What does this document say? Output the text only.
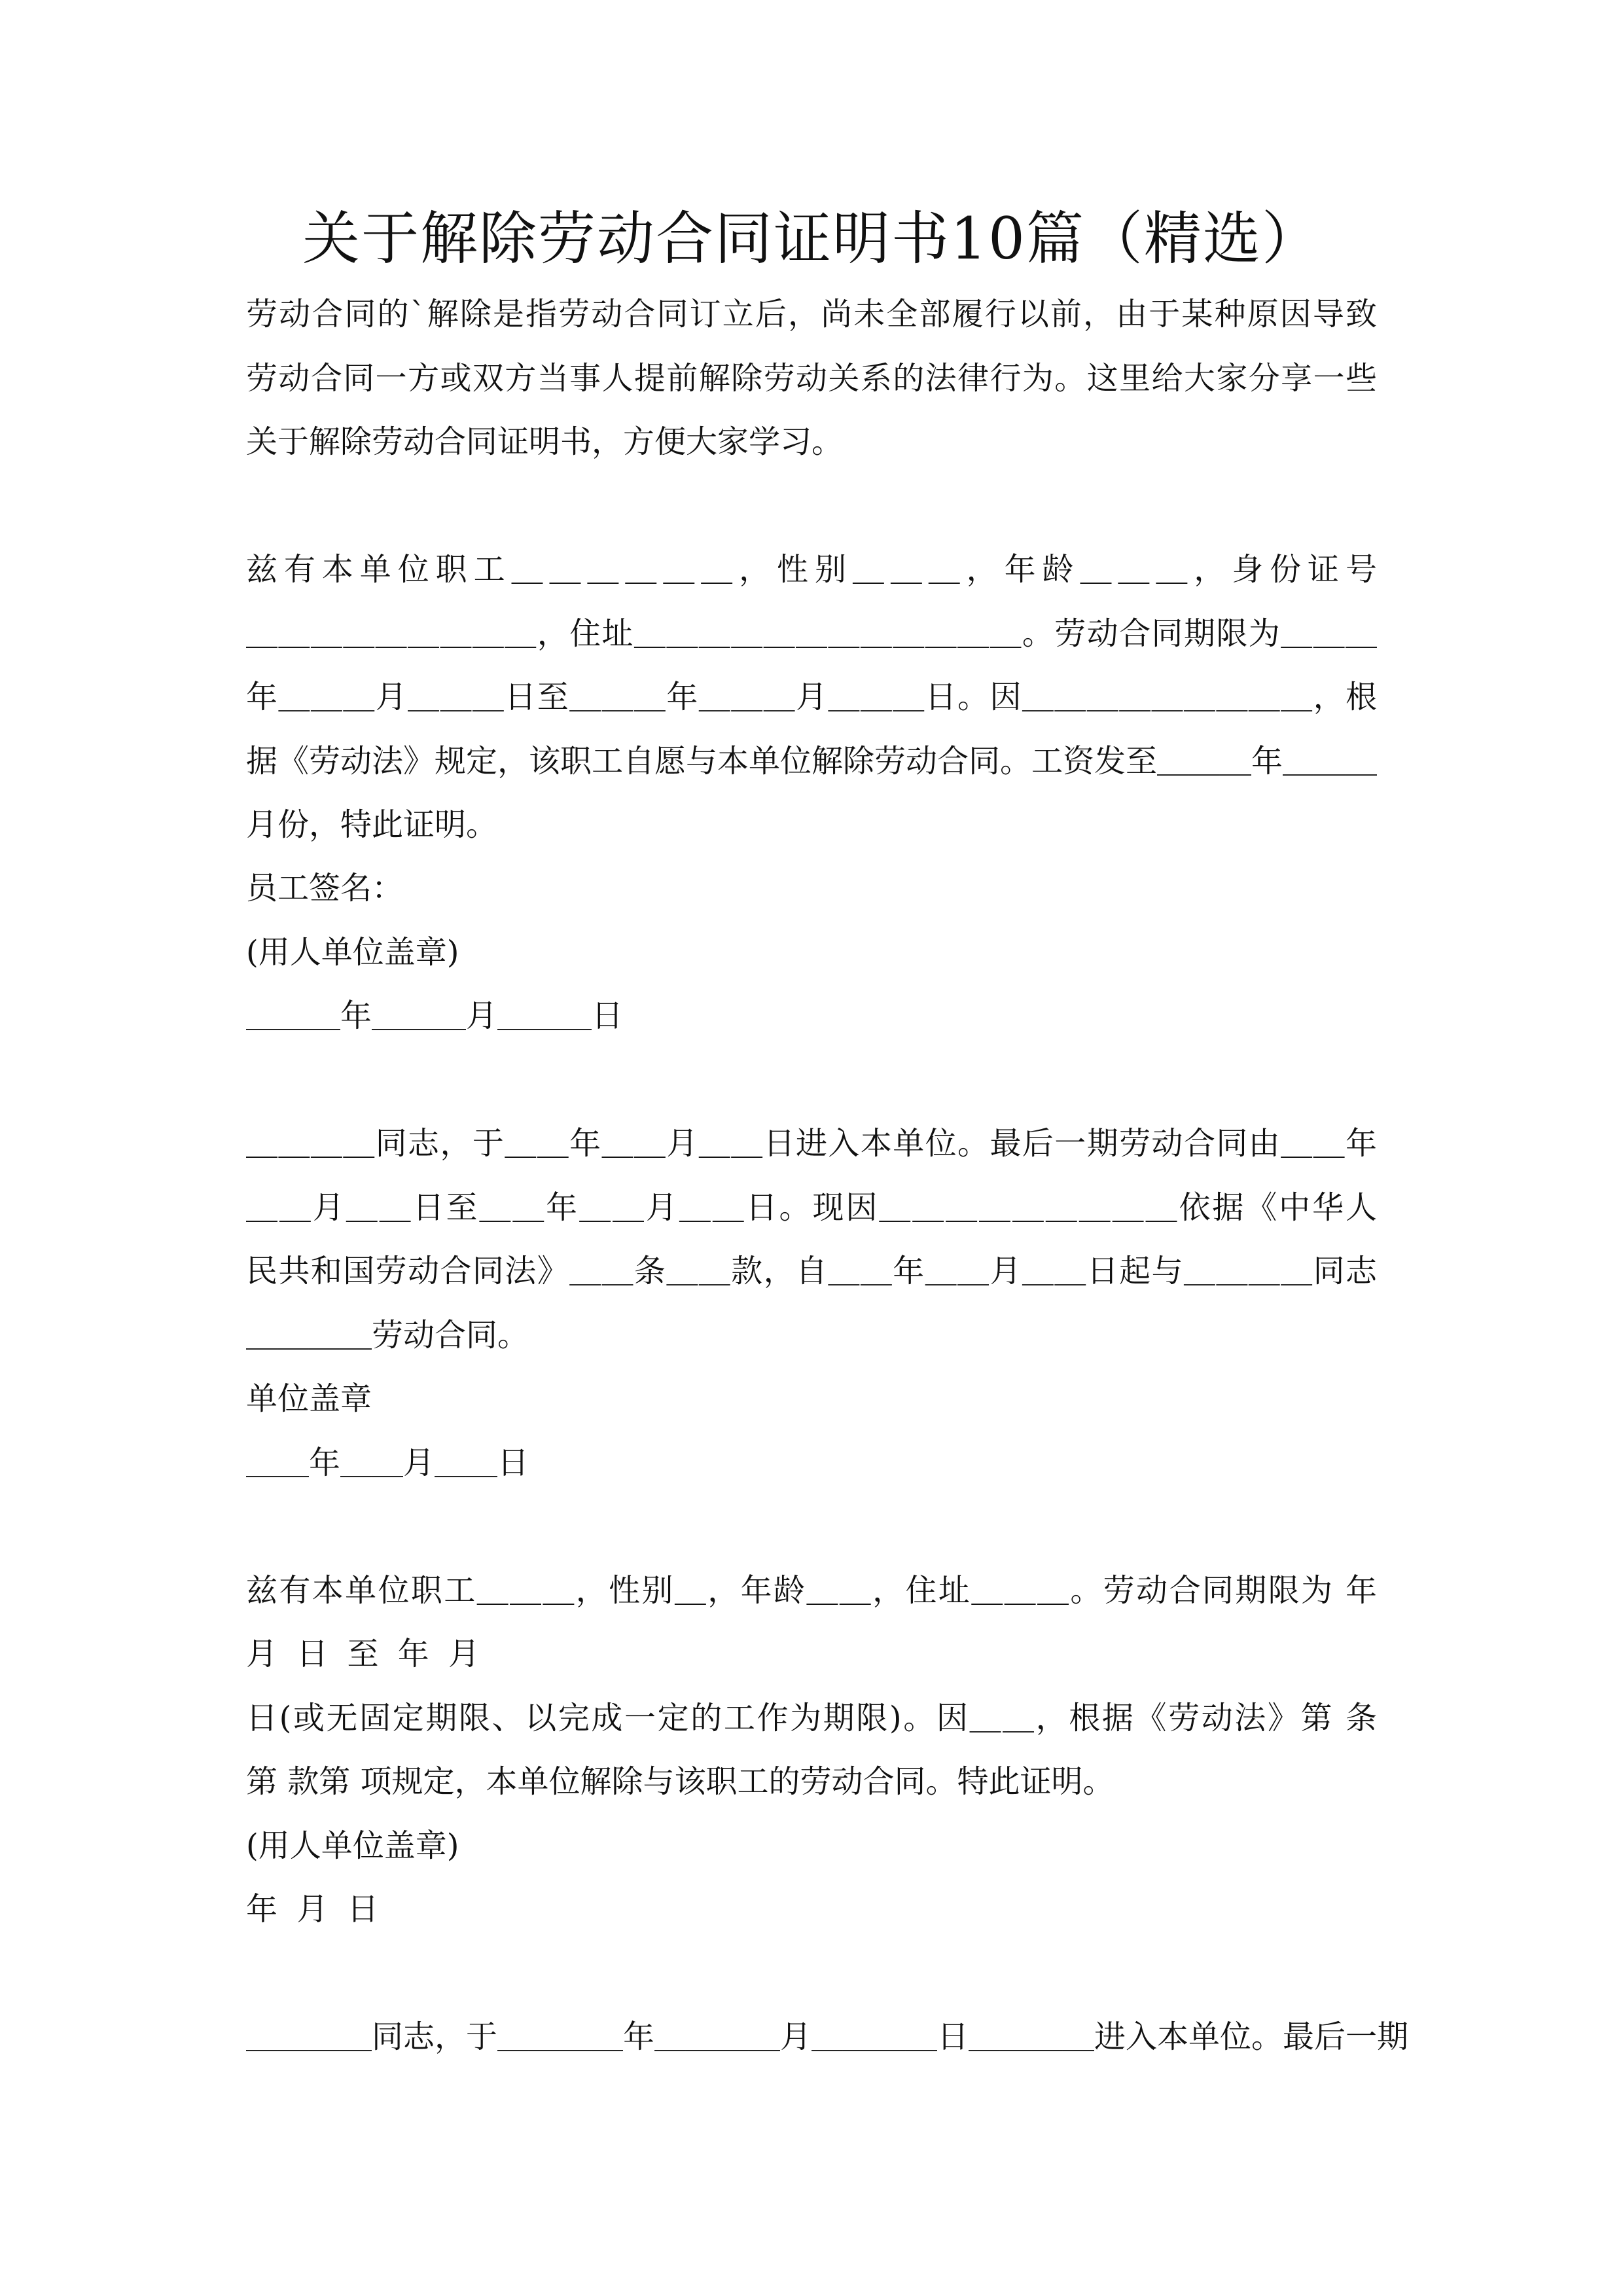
关于解除劳动合同证明书10篇（精选）

劳动合同的`解除是指劳动合同订立后，尚未全部履行以前，由于某种原因导致

劳动合同一方或双方当事人提前解除劳动关系的法律行为。这里给大家分享一些

关于解除劳动合同证明书，方便大家学习。

兹有本单位职工＿＿＿＿＿＿，性别＿＿＿，年龄＿＿＿，身份证号

＿＿＿＿＿＿＿＿＿，住址＿＿＿＿＿＿＿＿＿＿＿＿。劳动合同期限为＿＿＿

年＿＿＿月＿＿＿日至＿＿＿年＿＿＿月＿＿＿日。因＿＿＿＿＿＿＿＿＿，根

据《劳动法》规定，该职工自愿与本单位解除劳动合同。工资发至＿＿＿年＿＿＿

月份，特此证明。

员工签名：

(用人单位盖章)

＿＿＿年＿＿＿月＿＿＿日

＿＿＿＿同志，于＿＿年＿＿月＿＿日进入本单位。最后一期劳动合同由＿＿年

＿＿月＿＿日至＿＿年＿＿月＿＿日。现因＿＿＿＿＿＿＿＿＿依据《中华人

民共和国劳动合同法》＿＿条＿＿款，自＿＿年＿＿月＿＿日起与＿＿＿＿同志

＿＿＿＿劳动合同。

单位盖章

＿＿年＿＿月＿＿日

兹有本单位职工＿＿＿，性别＿，年龄＿＿，住址＿＿＿。劳动合同期限为 年

月 日 至 年 月

日(或无固定期限、以完成一定的工作为期限)。因＿＿，根据《劳动法》第 条

第 款第 项规定，本单位解除与该职工的劳动合同。特此证明。

(用人单位盖章)

年 月 日

＿＿＿＿同志，于＿＿＿＿年＿＿＿＿月＿＿＿＿日＿＿＿＿进入本单位。最后一期
